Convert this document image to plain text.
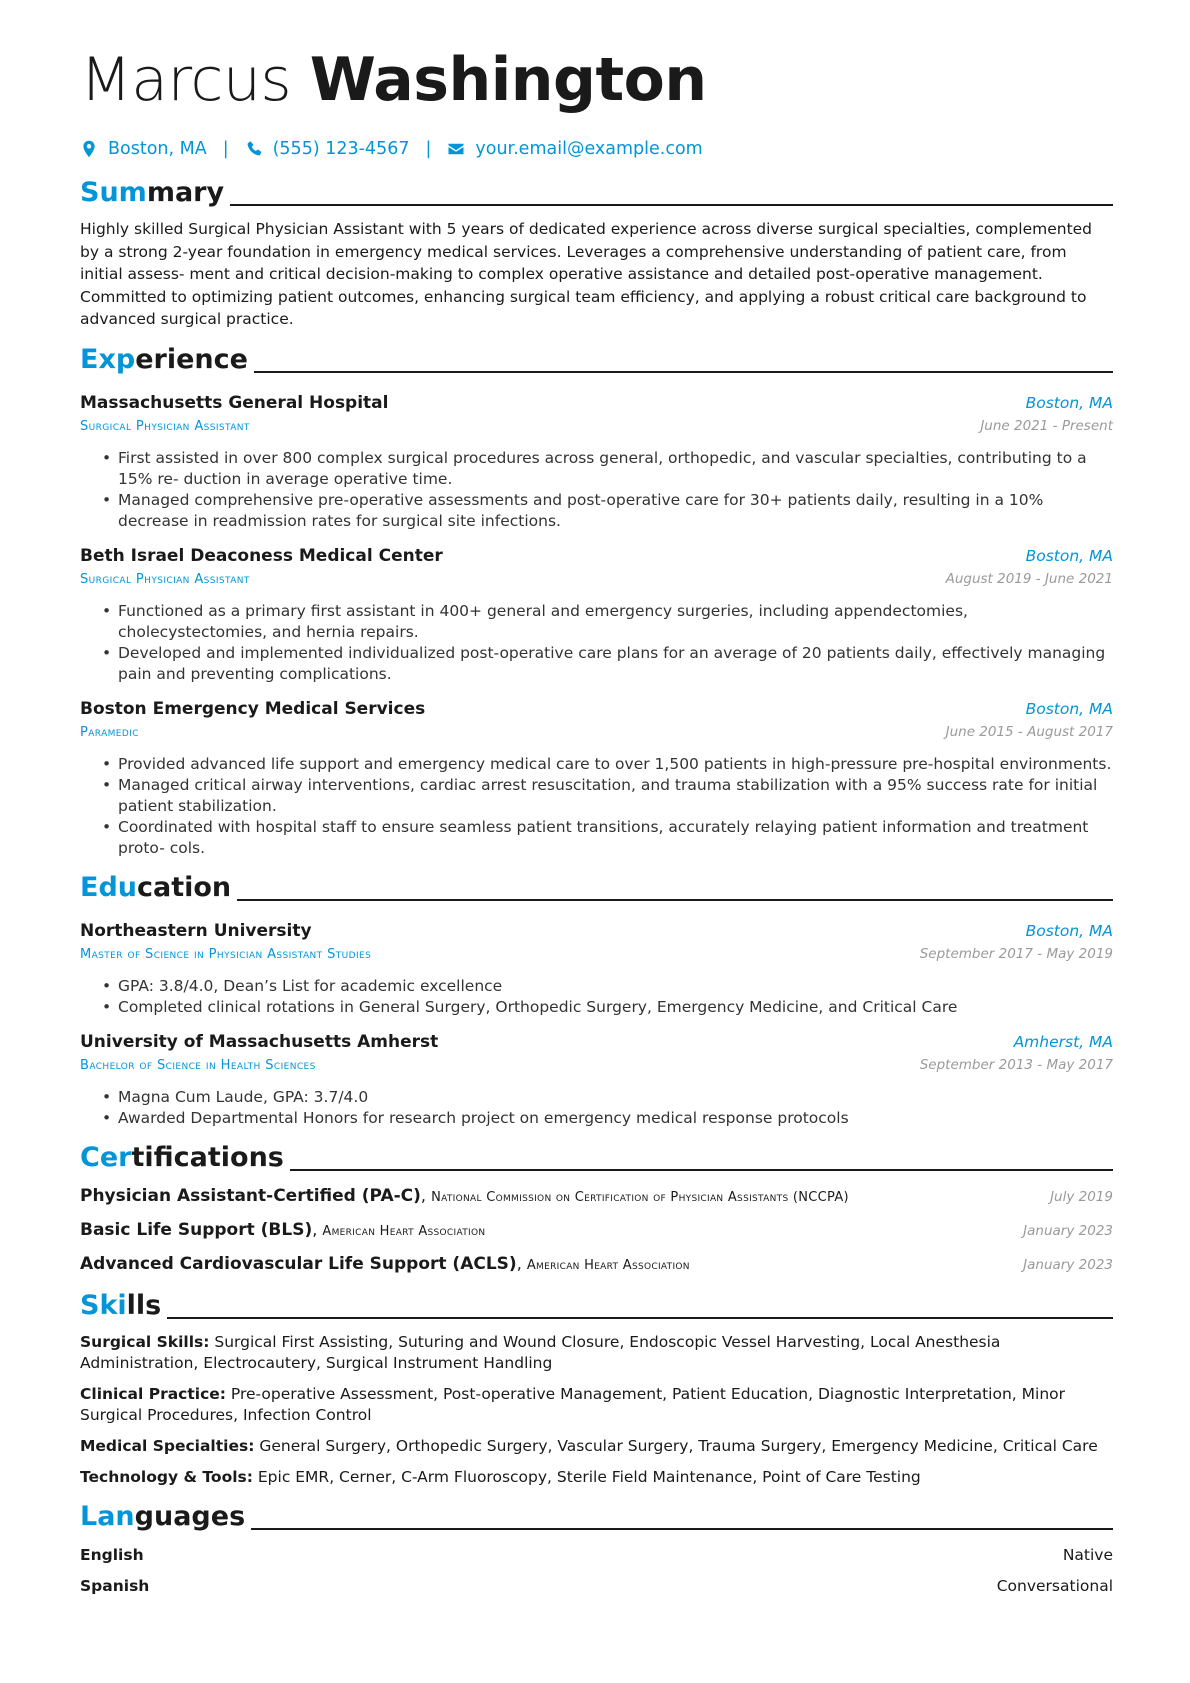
Marcus Washington
Boston, MA |	(555) 123-4567 |	your.email@example.com
Summary

Highly skilled Surgical Physician Assistant with 5 years of dedicated experience across diverse surgical specialties, complemented by a strong 2-year foundation in emergency medical services. Leverages a comprehensive understanding of patient care, from initial assess- ment and critical decision-making to complex operative assistance and detailed post-operative management. Committed to optimizing patient outcomes, enhancing surgical team efficiency, and applying a robust critical care background to advanced surgical practice.

Experience
Massachusetts General Hospital	Boston, MA
Surgical Physician Assistant	June 2021 - Present
• First assisted in over 800 complex surgical procedures across general, orthopedic, and vascular specialties, contributing to a 15% re- duction in average operative time.
• Managed comprehensive pre-operative assessments and post-operative care for 30+ patients daily, resulting in a 10% decrease in readmission rates for surgical site infections.
Beth Israel Deaconess Medical Center	Boston, MA
Surgical Physician Assistant	August 2019 - June 2021
• Functioned as a primary first assistant in 400+ general and emergency surgeries, including appendectomies, cholecystectomies, and hernia repairs.
• Developed and implemented individualized post-operative care plans for an average of 20 patients daily, effectively managing pain and preventing complications.
Boston Emergency Medical Services	Boston, MA
Paramedic	June 2015 - August 2017
• Provided advanced life support and emergency medical care to over 1,500 patients in high-pressure pre-hospital environments.
• Managed critical airway interventions, cardiac arrest resuscitation, and trauma stabilization with a 95% success rate for initial patient stabilization.
• Coordinated with hospital staff to ensure seamless patient transitions, accurately relaying patient information and treatment proto- cols.
Education
Northeastern University	Boston, MA
Master of Science in Physician Assistant Studies	September 2017 - May 2019
• GPA: 3.8/4.0, Dean’s List for academic excellence
• Completed clinical rotations in General Surgery, Orthopedic Surgery, Emergency Medicine, and Critical Care
University of Massachusetts Amherst	Amherst, MA
Bachelor of Science in Health Sciences	September 2013 - May 2017
• Magna Cum Laude, GPA: 3.7/4.0
• Awarded Departmental Honors for research project on emergency medical response protocols
Certifications
Physician Assistant-Certified (PA-C), National Commission on Certification of Physician Assistants (NCCPA)	July 2019
Basic Life Support (BLS), American Heart Association	January 2023
Advanced Cardiovascular Life Support (ACLS), American Heart Association	January 2023
Skills

Surgical Skills: Surgical First Assisting, Suturing and Wound Closure, Endoscopic Vessel Harvesting, Local Anesthesia Administration, Electrocautery, Surgical Instrument Handling

Clinical Practice: Pre-operative Assessment, Post-operative Management, Patient Education, Diagnostic Interpretation, Minor Surgical Procedures, Infection Control

Medical Specialties: General Surgery, Orthopedic Surgery, Vascular Surgery, Trauma Surgery, Emergency Medicine, Critical Care

Technology & Tools: Epic EMR, Cerner, C-Arm Fluoroscopy, Sterile Field Maintenance, Point of Care Testing

Languages
English	Native
Spanish	Conversational
